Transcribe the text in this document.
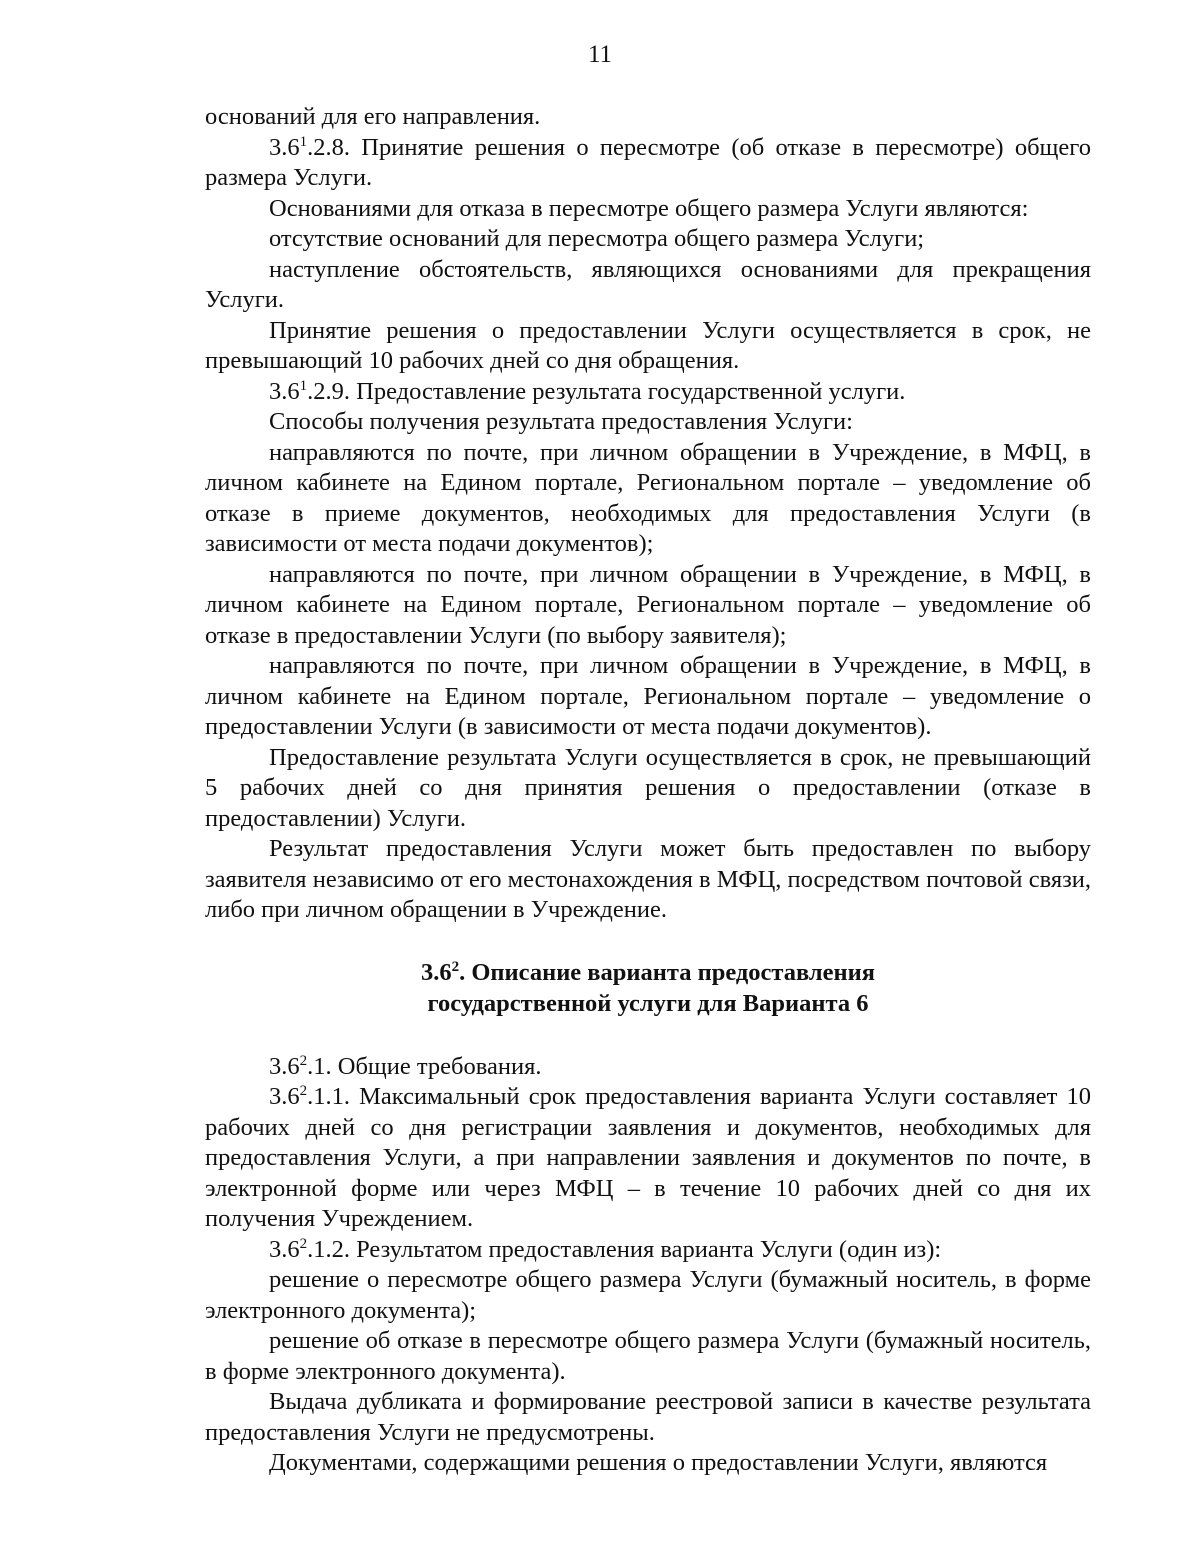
11

оснований для его направления.

$3.6^1.2.8$. Принятие решения о пересмотре (об отказе в пересмотре) общего размера Услуги.

Основаниями для отказа в пересмотре общего размера Услуги являются:

отсутствие оснований для пересмотра общего размера Услуги;

наступление обстоятельств, являющихся основаниями для прекращения Услуги.

Принятие решения о предоставлении Услуги осуществляется в срок, не превышающий 10 рабочих дней со дня обращения.

$3.6^1.2.9$. Предоставление результата государственной услуги.

Способы получения результата предоставления Услуги:

направляются по почте, при личном обращении в Учреждение, в МФЦ, в личном кабинете на Едином портале, Региональном портале – уведомление об отказе в приеме документов, необходимых для предоставления Услуги (в зависимости от места подачи документов);

направляются по почте, при личном обращении в Учреждение, в МФЦ, в личном кабинете на Едином портале, Региональном портале – уведомление об отказе в предоставлении Услуги (по выбору заявителя);

направляются по почте, при личном обращении в Учреждение, в МФЦ, в личном кабинете на Едином портале, Региональном портале – уведомление о предоставлении Услуги (в зависимости от места подачи документов).

Предоставление результата Услуги осуществляется в срок, не превышающий 5 рабочих дней со дня принятия решения о предоставлении (отказе в предоставлении) Услуги.

Результат предоставления Услуги может быть предоставлен по выбору заявителя независимо от его местонахождения в МФЦ, посредством почтовой связи, либо при личном обращении в Учреждение.

$3.6^2$. Описание варианта предоставления

государственной услуги для Варианта 6

$3.6^2.1$. Общие требования.

$3.6^2.1.1$. Максимальный срок предоставления варианта Услуги составляет 10 рабочих дней со дня регистрации заявления и документов, необходимых для предоставления Услуги, а при направлении заявления и документов по почте, в электронной форме или через МФЦ – в течение 10 рабочих дней со дня их получения Учреждением.

$3.6^2.1.2$. Результатом предоставления варианта Услуги (один из):

решение о пересмотре общего размера Услуги (бумажный носитель, в форме электронного документа);

решение об отказе в пересмотре общего размера Услуги (бумажный носитель, в форме электронного документа).

Выдача дубликата и формирование реестровой записи в качестве результата предоставления Услуги не предусмотрены.

Документами, содержащими решения о предоставлении Услуги, являются
